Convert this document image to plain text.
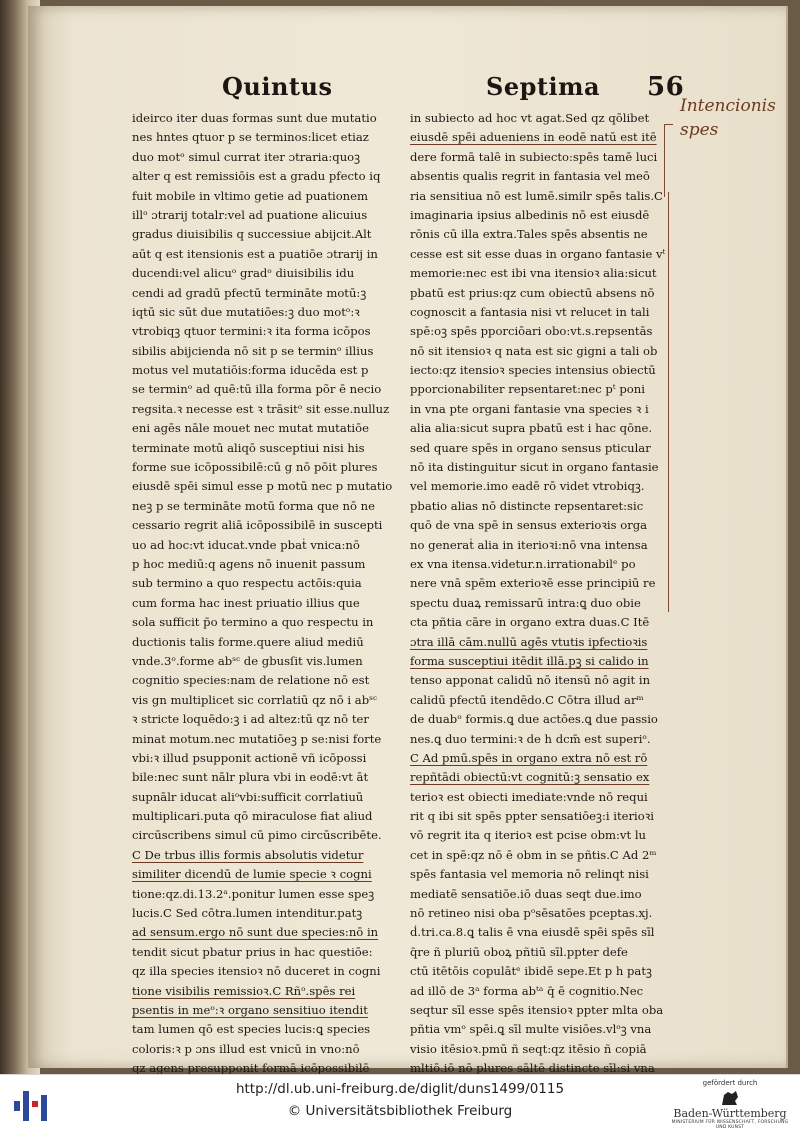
Quintus	Septima 56
Intencionis
spes
ideirco iter duas formas sunt due mutatio
nes hntes qtuor p se terminos:licet etiaz
duo motᵒ simul currat iter ɔtraria:quoꝫ
alter q est remissiōis est a gradu pfecto iq
fuit mobile in vltimo getie ad puationem
illᵒ ɔtrarij totalr:vel ad puatione alicuius
gradus diuisibilis q successiue abijcit.Alt
aūt q est itensionis est a puatiōe ɔtrarij in
ducendi:vel alicuᵒ gradᵒ diuisibilis idu
cendi ad gradū pfectū termināte motū:ꝫ
iqtū sic sūt due mutatiōes:ꝫ duo motᵒ:ꝛ
vtrobiqꝫ qtuor termini:ꝛ ita forma icōpos
sibilis abijcienda nō sit p se terminᵒ illius
motus vel mutatiōis:forma iducēda est p
se terminᵒ ad quē:tū illa forma põr ē necio
regsita.ꝛ necesse est ꝛ trāsitᵒ sit esse.nulluz
eni agēs nāle mouet nec mutat mutatiōe
terminate motū aliqō susceptiui nisi his
forme sue icōpossibilē:cū g nō pōit plures
eiusdē spēi simul esse p motū nec p mutatio
neꝫ p se termināte motū forma que nō ne
cessario regrit aliā icōpossibilē in suscepti
uo ad hoc:vt iducat.vnde pbaṫ vnica:nō
p hoc mediū:q agens nō inuenit passum
sub termino a quo respectu actōis:quia
cum forma hac inest priuatio illius que
sola sufficit p̄o termino a quo respectu in
ductionis talis forme.quere aliud mediū
vnde.3ᵒ.forme abˢᶜ de gbusſit vis.lumen
cognitio species:nam de relatione nō est
vis gn multiplicet sic corrlatiū qz nō i abˢᶜ
ꝛ stricte loquēdo:ꝫ i ad altez:tū qz nō ter
minat motum.nec mutatiōeꝫ p se:nisi forte
vbi:ꝛ illud psupponit actionē vñ icōpossi
bile:nec sunt nālr plura vbi in eodē:vt āt
supnālr iducat aliᵒvbi:sufficit corrlatiuū
multiplicari.puta qō miraculose fiat aliud
circūscribens simul cū pimo circūscribēte.
C De trbus illis formis absolutis videtur
similiter dicendū de lumie specie ꝛ cogni
tione:qz.di.13.2ᵃ.ponitur lumen esse speꝫ
lucis.C Sed cōtra.lumen intenditur.patꝫ
ad sensum.ergo nō sunt due species:nō in
tendit sicut pbatur prius in hac questiōe:
qz illa species itensioꝛ nō duceret in cogni
tione visibilis remissioꝛ.C Rñᵒ.spēs rei
psentis in meᵒ:ꝛ organo sensitiuo itendit
tam lumen qō est species lucis:ꝗ species
coloris:ꝛ p ɔns illud est vnicū in vno:nō
qz agens presupponit formā icōpossibilē
in subiecto ad hoc vt agat.Sed qz qōlibet
eiusdē spēi adueniens in eodē natū est itē
dere formā talē in subiecto:spēs tamē luci
absentis qualis regrit in fantasia vel meō
ria sensitiua nō est lumē.similr spēs talis.C
imaginaria ipsius albedinis nō est eiusdē
rōnis cū illa extra.Tales spēs absentis ne
cesse est sit esse duas in organo fantasie vᵗ
memorie:nec est ibi vna itensioꝛ alia:sicut
pbatū est prius:qz cum obiectū absens nō
cognoscit a fantasia nisi vt relucet in tali
spē:oꝫ spēs pporciōari obo:vt.s.repsentās
nō sit itensioꝛ q nata est sic gigni a tali ob
iecto:qz itensioꝛ species intensius obiectū
pporcionabiliter repsentaret:nec pᵗ poni
in vna pte organi fantasie vna species ꝛ i
alia alia:sicut supra pbatū est i hac qōne.
sed quare spēs in organo sensus pticular
nō ita distinguitur sicut in organo fantasie
vel memorie.imo eadē rō videt vtrobiqꝫ.
pbatio alias nō distincte repsentaret:sic
quō de vna spē in sensus exterioꝛis orga
no generaṫ alia in iterioꝛi:nō vna intensa
ex vna itensa.videtur.n.irrationabilᵉ po
nere vnā spēm exterioꝛē esse principiū re
spectu duaꝝ remissarū intra:ꝗ duo obie
cta pñtia cāre in organo extra duas.C Itē
ɔtra illā cām.nullū agēs vtutis ipfectioꝛis
forma susceptiui itēdit illā.pꝫ si calido in
tenso apponat calidū nō itensū nō agit in
calidū pfectū itendēdo.C Cōtra illud arᵐ
de duabᵒ formis.ꝗ due actōes.ꝗ due passio
nes.ꝗ duo termini:ꝛ de h dcm̄ est superiᵒ.
C Ad pmū.spēs in organo extra nō est rō
repñtādi obiectū:vt cognitū:ꝫ sensatio ex
terioꝛ est obiecti imediate:vnde nō requi
rit q ibi sit spēs ppter sensatiōeꝫ:i iterioꝛi
vō regrit ita q iterioꝛ est pcise obm:vt lu
cet in spē:qz nō ē obm in se pñtis.C Ad 2ᵐ
spēs fantasia vel memoria nō relinqt nisi
mediatē sensatiōe.iō duas seqt due.imo
nō retineo nisi oba pᵒsēsatōes pceptas.xj.
ḋ.tri.ca.8.ꝗ talis ē vna eiusdē spēi spēs sīl
q̄re ñ pluriū oboꝝ pñtiū sīl.ppter defe
ctū itētōis copulātᵉ ibidē sepe.Et p h patꝫ
ad illō de 3ᵃ forma abᵗᵃ q̄ ē cognitio.Nec
seqtur sīl esse spēs itensioꝛ ppter mlta oba
pñtia vmᵒ spēi.ꝗ sīl multe visiōes.vlᵒꝫ vna
visio itēsioꝛ.pmū ñ seqt:qz itēsio ñ copiā
mltiō.iō nō plures sāltē distincte sīl:si vna
http://dl.ub.uni-freiburg.de/diglit/duns1499/0115
© Universitätsbibliothek Freiburg
gefördert durch
Baden-Württemberg
MINISTERIUM FÜR WISSENSCHAFT, FORSCHUNG UND KUNST
